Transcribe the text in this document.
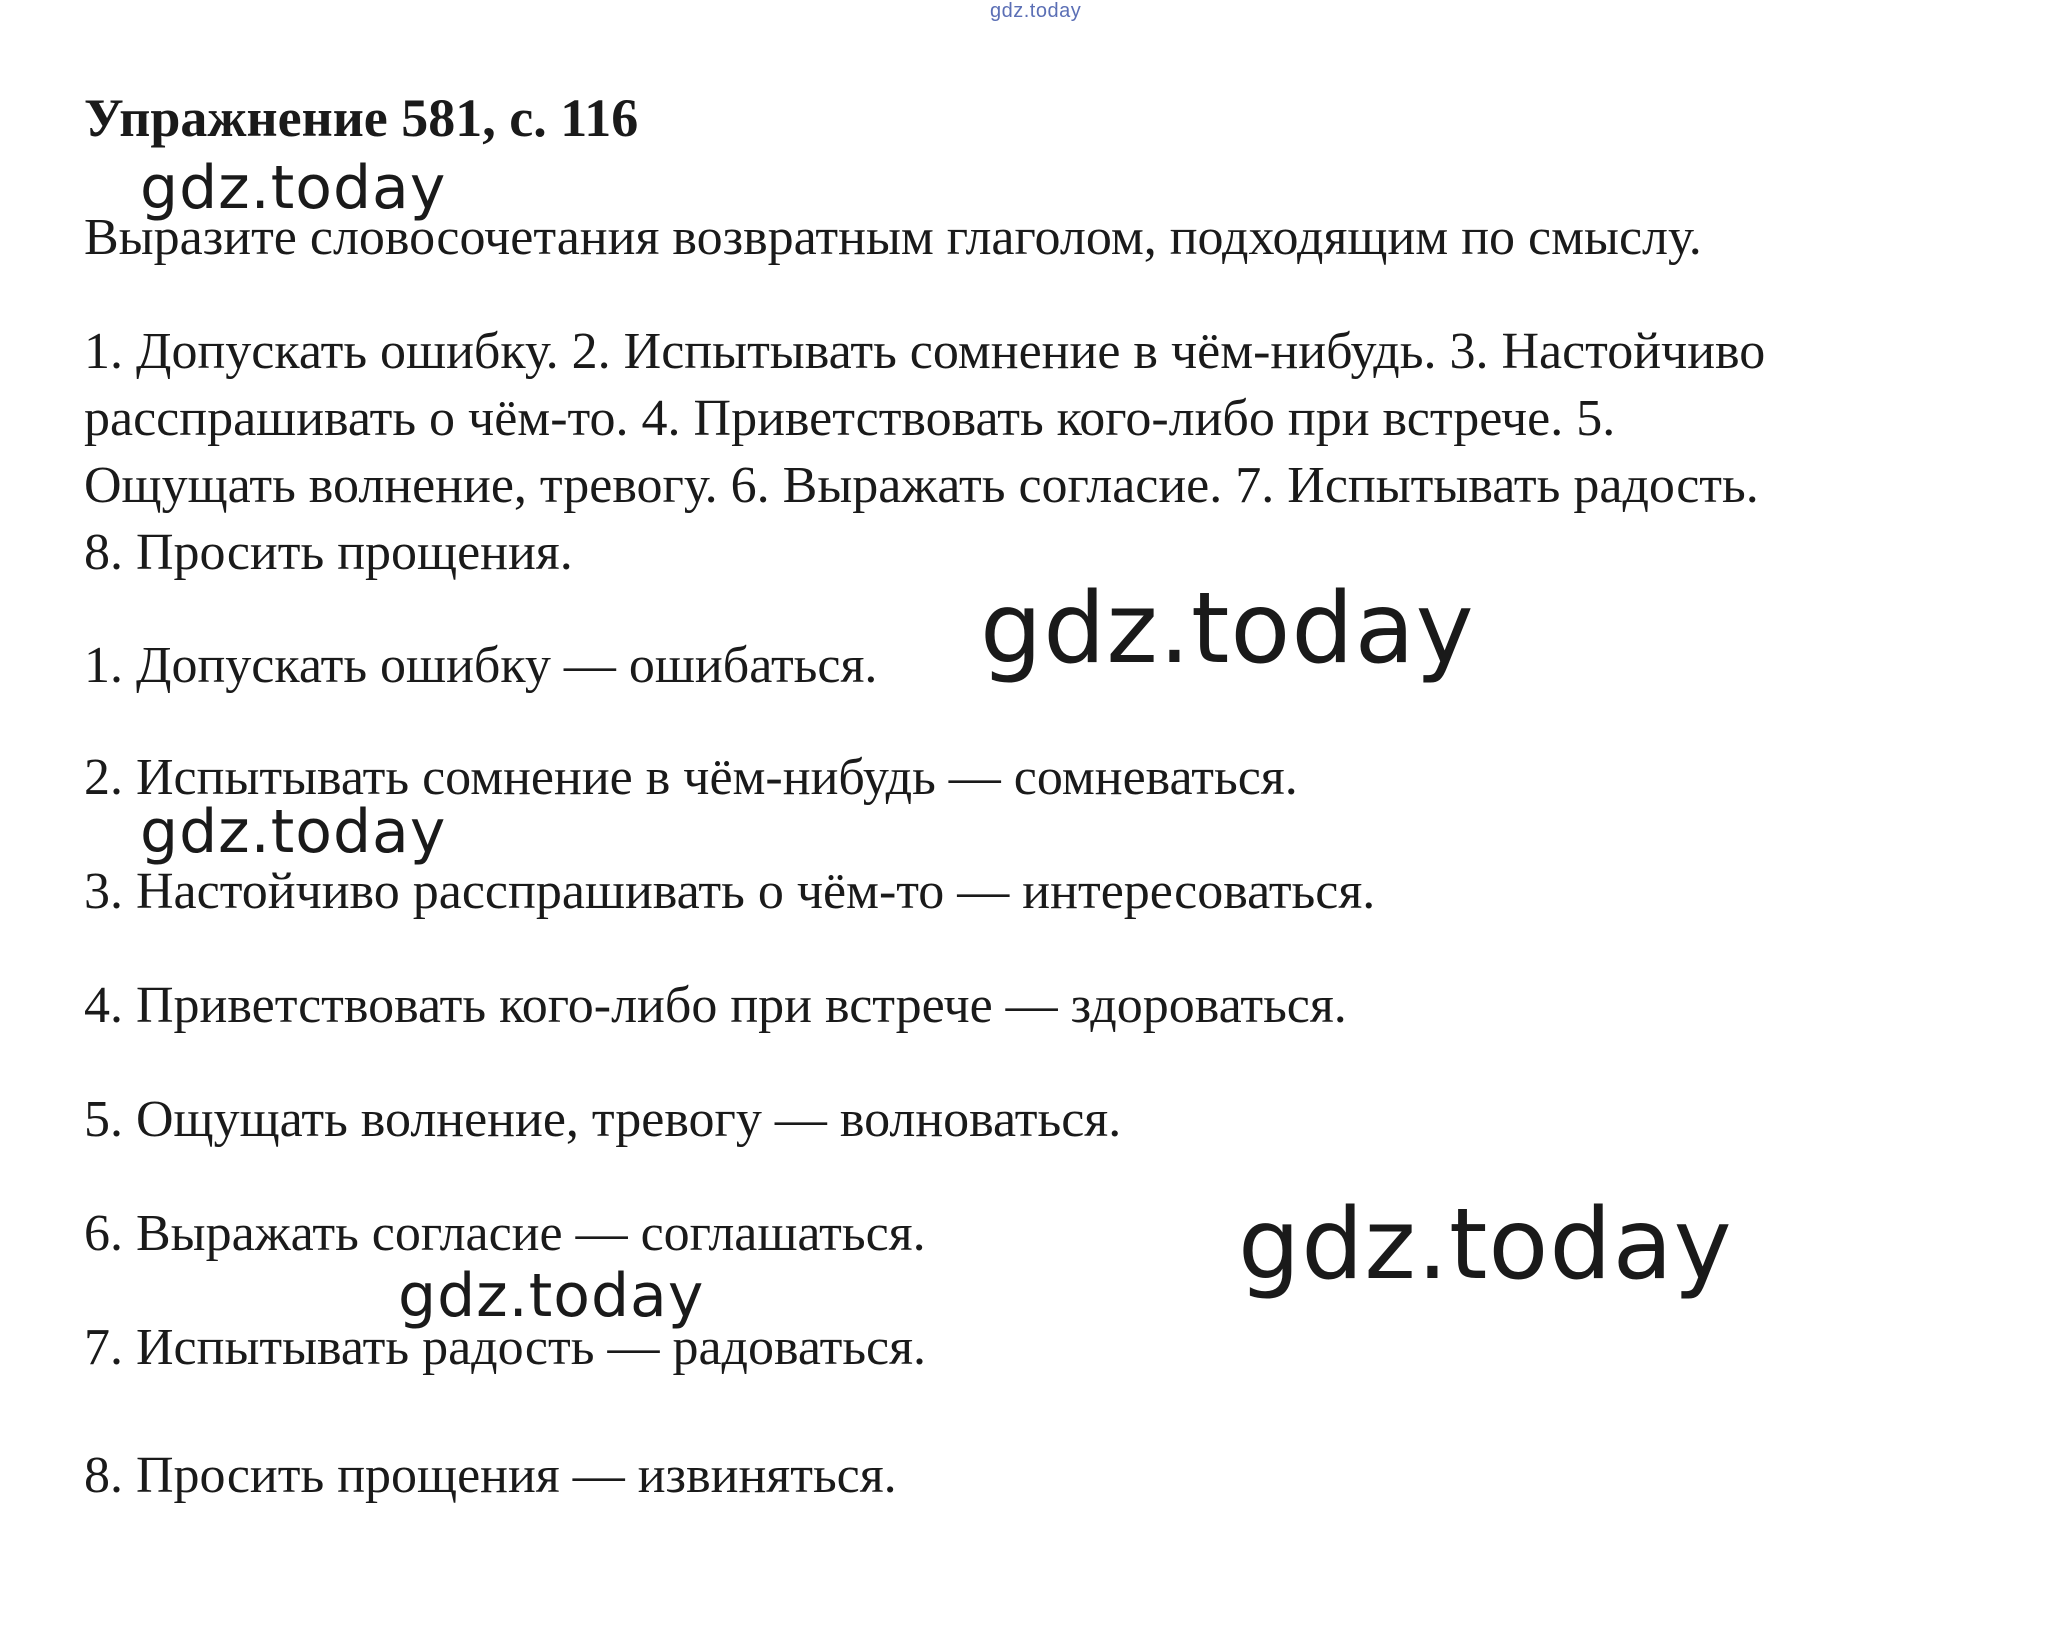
gdz.today
Упражнение 581, с. 116

Выразите словосочетания возвратным глаголом, подходящим по смыслу.

1. Допускать ошибку. 2. Испытывать сомнение в чём-нибудь. 3. Настойчиво
расспрашивать о чём-то. 4. Приветствовать кого-либо при встрече. 5.
Ощущать волнение, тревогу. 6. Выражать согласие. 7. Испытывать радость.
8. Просить прощения.

1. Допускать ошибку — ошибаться.

2. Испытывать сомнение в чём-нибудь — сомневаться.

3. Настойчиво расспрашивать о чём-то — интересоваться.

4. Приветствовать кого-либо при встрече — здороваться.

5. Ощущать волнение, тревогу — волноваться.

6. Выражать согласие — соглашаться.

7. Испытывать радость — радоваться.

8. Просить прощения — извиняться.

gdz.today
gdz.today
gdz.today
gdz.today
gdz.today
